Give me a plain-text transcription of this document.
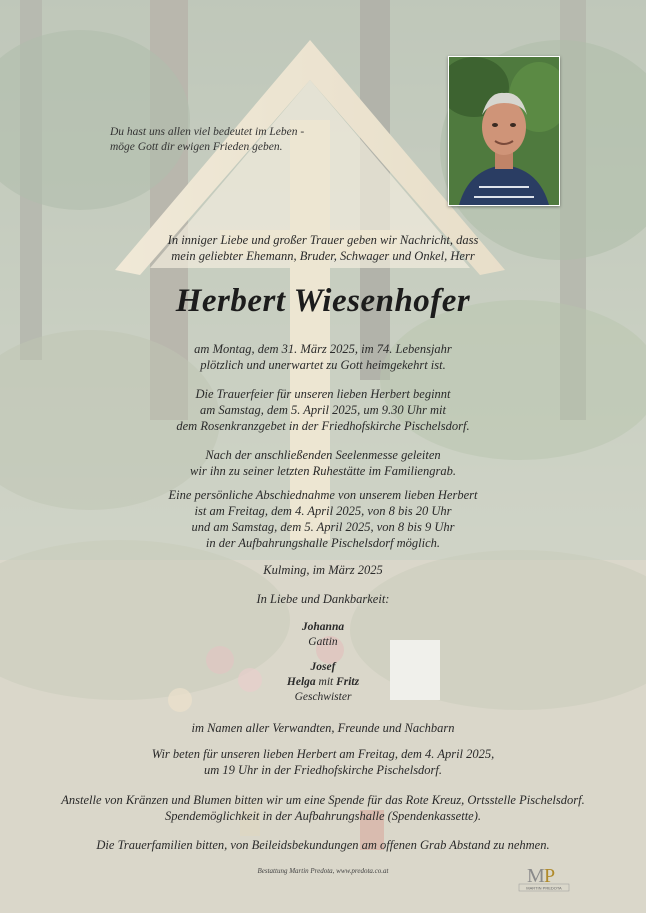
Du hast uns allen viel bedeutet im Leben -
möge Gott dir ewigen Frieden geben.
In inniger Liebe und großer Trauer geben wir Nachricht, dass
mein geliebter Ehemann, Bruder, Schwager und Onkel, Herr
Herbert Wiesenhofer
am Montag, dem 31. März 2025, im 74. Lebensjahr
plötzlich und unerwartet zu Gott heimgekehrt ist.
Die Trauerfeier für unseren lieben Herbert beginnt
am Samstag, dem 5. April 2025, um 9.30 Uhr mit
dem Rosenkranzgebet in der Friedhofskirche Pischelsdorf.
Nach der anschließenden Seelenmesse geleiten
wir ihn zu seiner letzten Ruhestätte im Familiengrab.
Eine persönliche Abschiednahme von unserem lieben Herbert
ist am Freitag, dem 4. April 2025, von 8 bis 20 Uhr
und am Samstag, dem 5. April 2025, von 8 bis 9 Uhr
in der Aufbahrungshalle Pischelsdorf möglich.
Kulming, im März 2025
In Liebe und Dankbarkeit:
Johanna
Gattin
Josef
Helga mit Fritz
Geschwister
im Namen aller Verwandten, Freunde und Nachbarn
Wir beten für unseren lieben Herbert am Freitag, dem 4. April 2025,
um 19 Uhr in der Friedhofskirche Pischelsdorf.
Anstelle von Kränzen und Blumen bitten wir um eine Spende für das Rote Kreuz, Ortsstelle Pischelsdorf.
Spendemöglichkeit in der Aufbahrungshalle (Spendenkassette).
Die Trauerfamilien bitten, von Beileidsbekundungen am offenen Grab Abstand zu nehmen.
Bestattung Martin Predota, www.predota.co.at	M P
MARTIN PREDOTA
